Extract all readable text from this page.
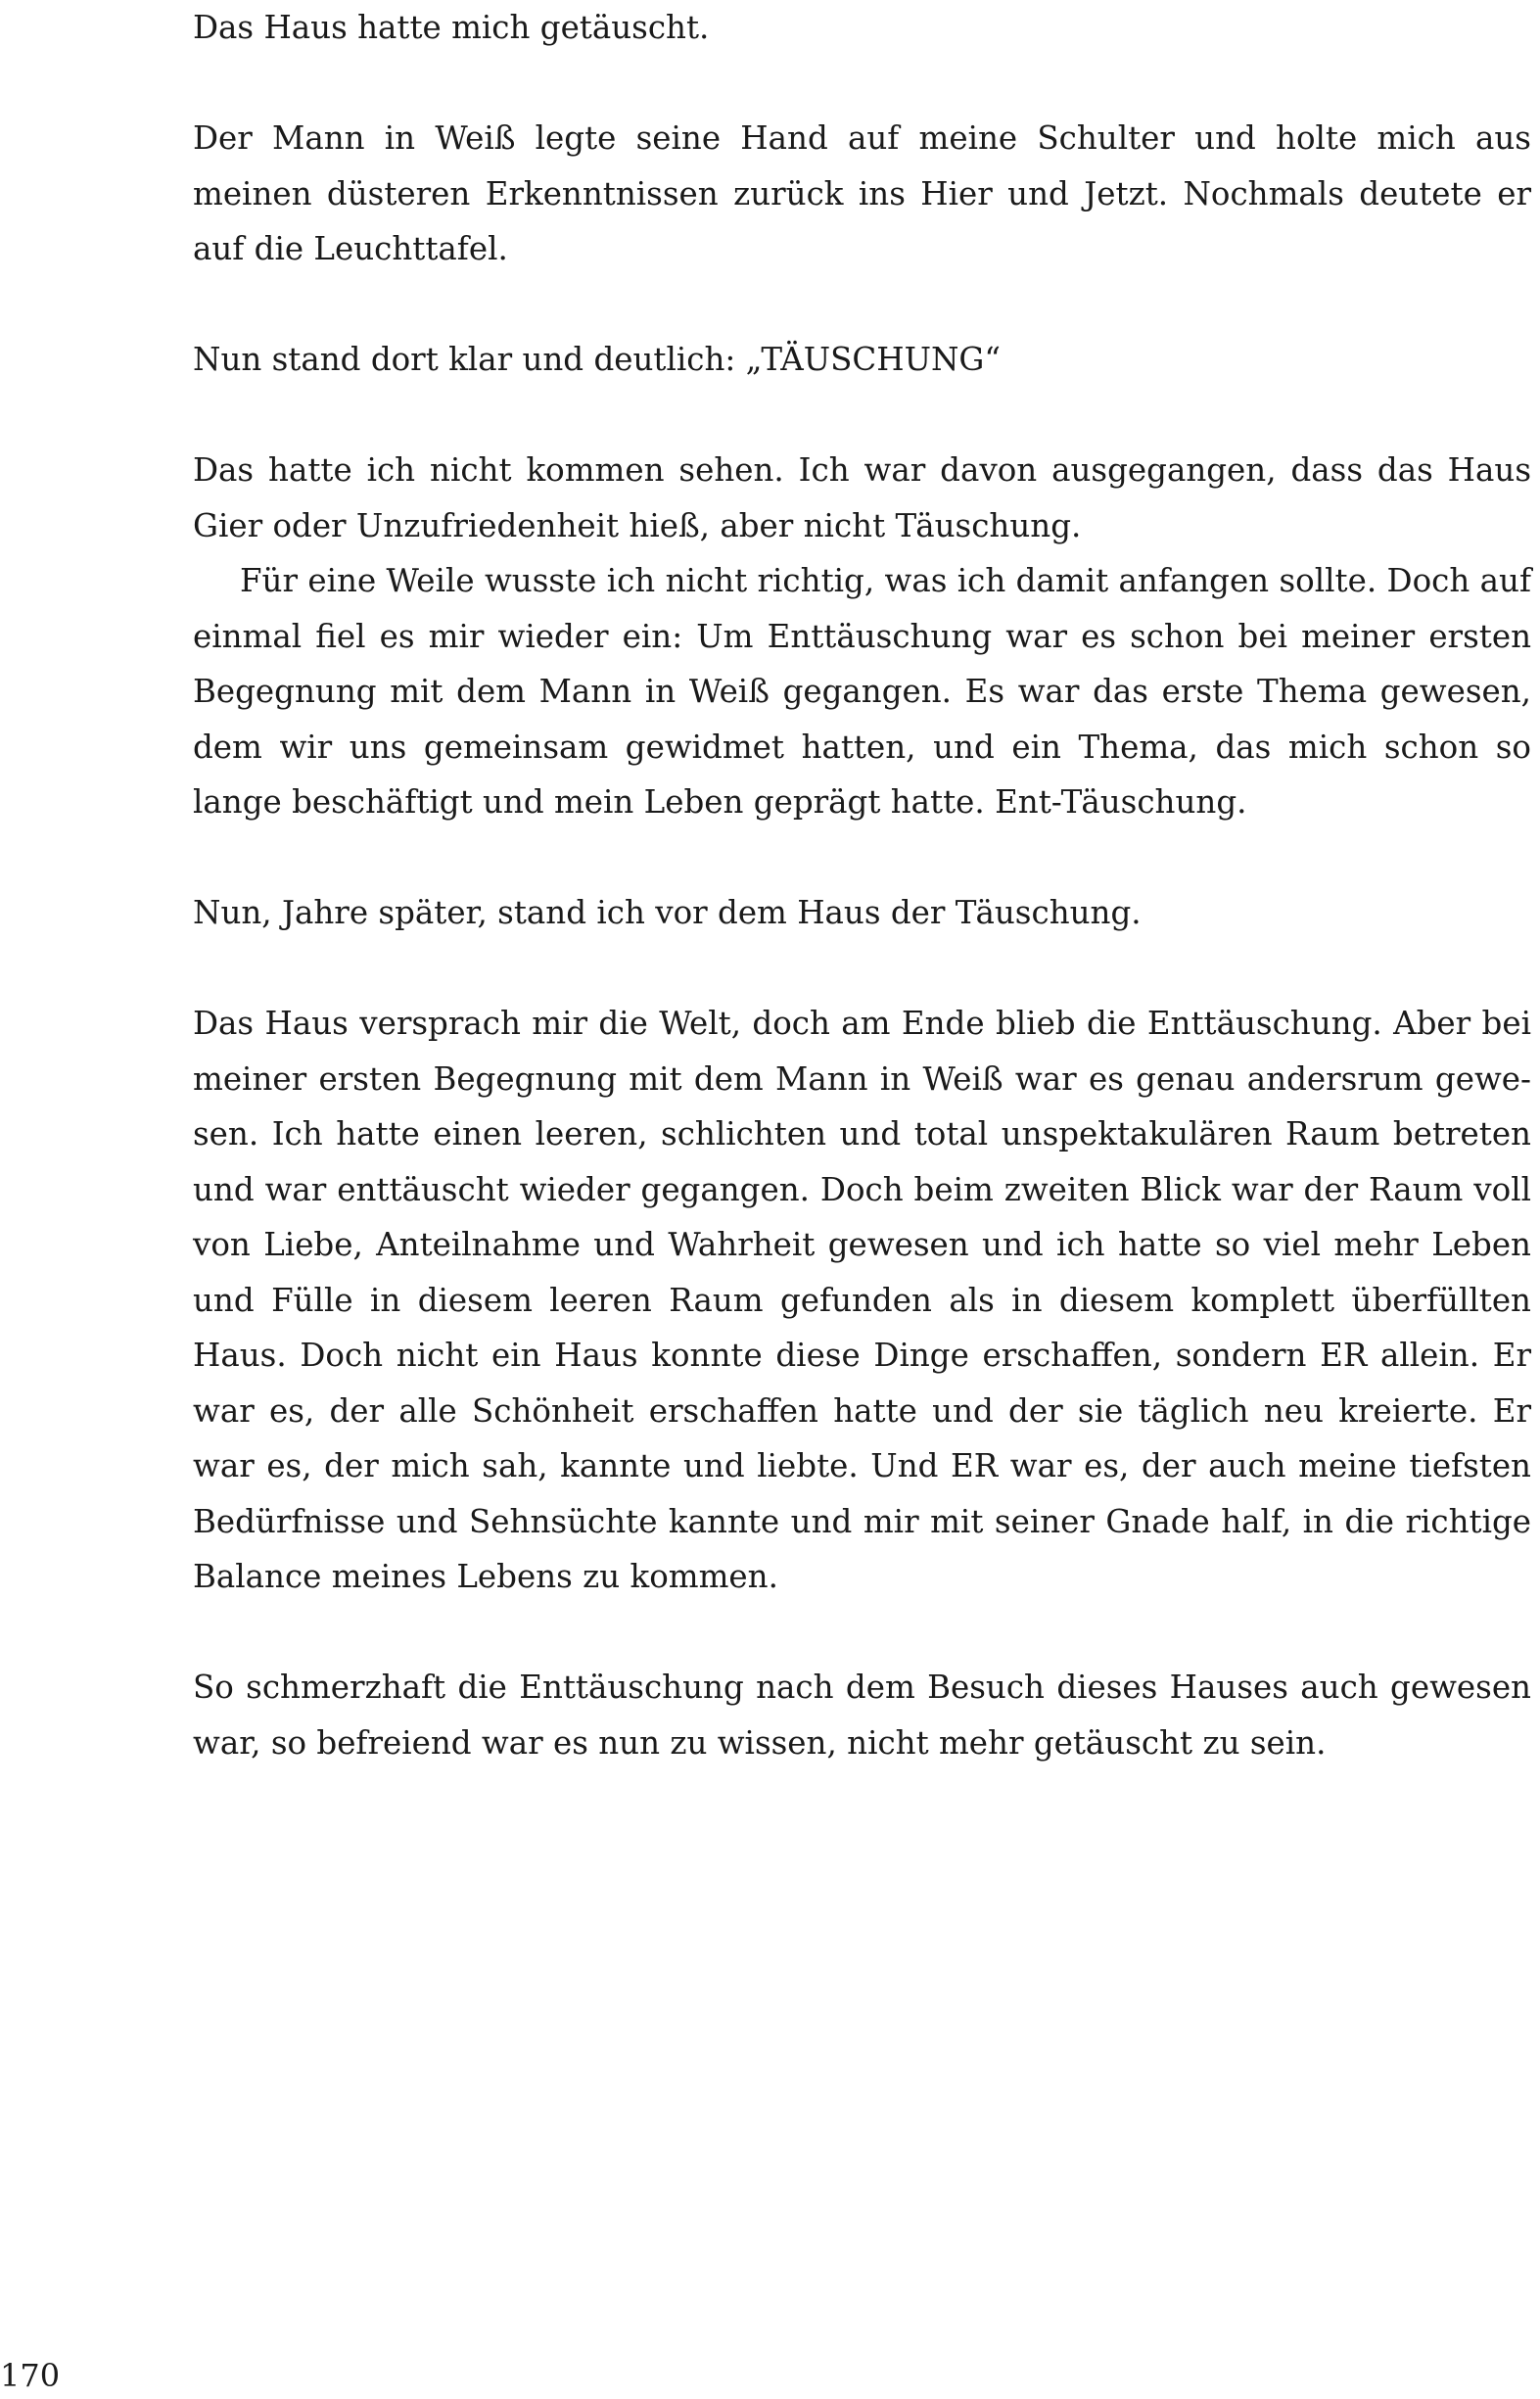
Das Haus hatte mich getäuscht.

Der Mann in Weiß legte seine Hand auf meine Schulter und holte mich aus meinen düsteren Erkenntnissen zurück ins Hier und Jetzt. Nochmals deutete er auf die Leuchttafel.

Nun stand dort klar und deutlich: „TÄUSCHUNG“

Das hatte ich nicht kommen sehen. Ich war davon ausgegangen, dass das Haus Gier oder Unzufriedenheit hieß, aber nicht Täuschung.

Für eine Weile wusste ich nicht richtig, was ich damit anfangen sollte. Doch auf einmal fiel es mir wieder ein: Um Enttäuschung war es schon bei meiner ersten Begegnung mit dem Mann in Weiß gegangen. Es war das erste Thema gewesen, dem wir uns gemeinsam gewidmet hatten, und ein Thema, das mich schon so lange beschäftigt und mein Leben geprägt hatte. Ent-Täuschung.

Nun, Jahre später, stand ich vor dem Haus der Täuschung.

Das Haus versprach mir die Welt, doch am Ende blieb die Enttäuschung. Aber bei meiner ersten Begegnung mit dem Mann in Weiß war es genau andersrum gewesen. Ich hatte einen leeren, schlichten und total unspektakulären Raum betreten und war enttäuscht wieder gegangen. Doch beim zweiten Blick war der Raum voll von Liebe, Anteilnahme und Wahrheit gewesen und ich hatte so viel mehr Leben und Fülle in diesem leeren Raum gefunden als in diesem komplett überfüllten Haus. Doch nicht ein Haus konnte diese Dinge erschaffen, sondern ER allein. Er war es, der alle Schönheit erschaffen hatte und der sie täglich neu kreierte. Er war es, der mich sah, kannte und liebte. Und ER war es, der auch meine tiefsten Bedürfnisse und Sehnsüchte kannte und mir mit seiner Gnade half, in die richtige Balance meines Lebens zu kommen.

So schmerzhaft die Enttäuschung nach dem Besuch dieses Hauses auch gewesen war, so befreiend war es nun zu wissen, nicht mehr getäuscht zu sein.

170
